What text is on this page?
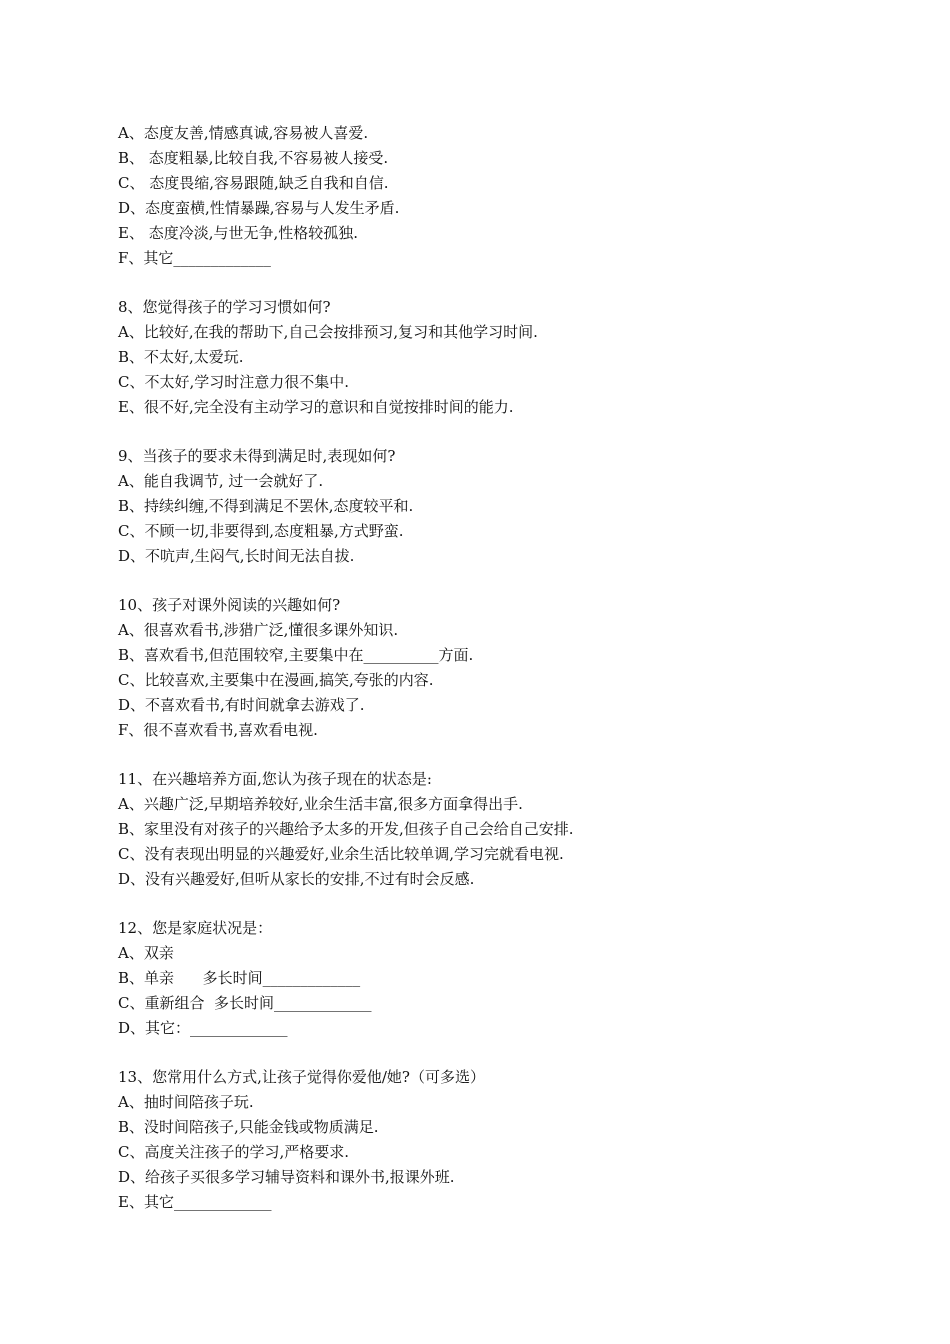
A、态度友善,情感真诚,容易被人喜爱.
B、 态度粗暴,比较自我,不容易被人接受.
C、 态度畏缩,容易跟随,缺乏自我和自信.
D、态度蛮横,性情暴躁,容易与人发生矛盾.
E、 态度冷淡,与世无争,性格较孤独.
F、其它_____________
8、您觉得孩子的学习习惯如何?
A、比较好,在我的帮助下,自己会按排预习,复习和其他学习时间.
B、不太好,太爱玩.
C、不太好,学习时注意力很不集中.
E、很不好,完全没有主动学习的意识和自觉按排时间的能力.
9、当孩子的要求未得到满足时,表现如何?
A、能自我调节, 过一会就好了.
B、持续纠缠,不得到满足不罢休,态度较平和.
C、不顾一切,非要得到,态度粗暴,方式野蛮.
D、不吭声,生闷气,长时间无法自拔.
10、孩子对课外阅读的兴趣如何?
A、很喜欢看书,涉猎广泛,懂很多课外知识.
B、喜欢看书,但范围较窄,主要集中在__________方面.
C、比较喜欢,主要集中在漫画,搞笑,夸张的内容.
D、不喜欢看书,有时间就拿去游戏了.
F、很不喜欢看书,喜欢看电视.
11、在兴趣培养方面,您认为孩子现在的状态是:
A、兴趣广泛,早期培养较好,业余生活丰富,很多方面拿得出手.
B、家里没有对孩子的兴趣给予太多的开发,但孩子自己会给自己安排.
C、没有表现出明显的兴趣爱好,业余生活比较单调,学习完就看电视.
D、没有兴趣爱好,但听从家长的安排,不过有时会反感.
12、您是家庭状况是：
A、双亲
B、单亲      多长时间_____________
C、重新组合  多长时间_____________
D、其它：_____________
13、您常用什么方式,让孩子觉得你爱他/她?（可多选）
A、抽时间陪孩子玩.
B、没时间陪孩子,只能金钱或物质满足.
C、高度关注孩子的学习,严格要求.
D、给孩子买很多学习辅导资料和课外书,报课外班.
E、其它_____________
